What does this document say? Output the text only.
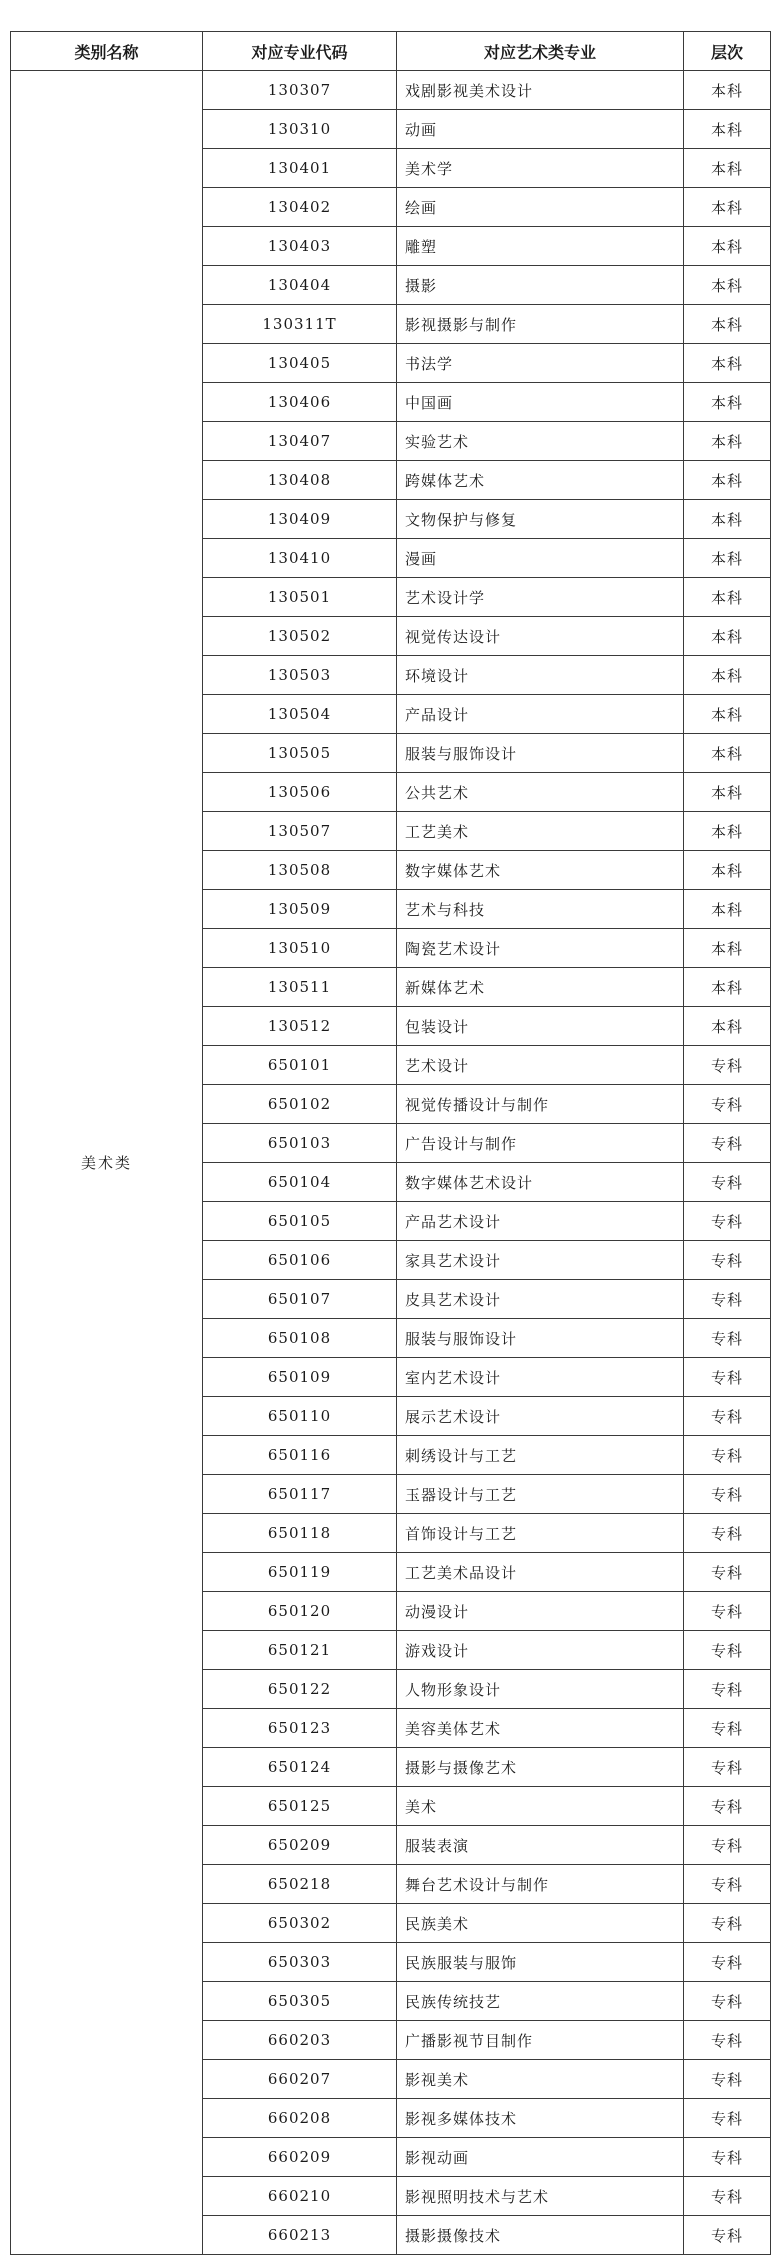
类别名称	对应专业代码	对应艺术类专业	层次
美术类	130307	戏剧影视美术设计	本科
	130310	动画	本科
	130401	美术学	本科
	130402	绘画	本科
	130403	雕塑	本科
	130404	摄影	本科
	130311T	影视摄影与制作	本科
	130405	书法学	本科
	130406	中国画	本科
	130407	实验艺术	本科
	130408	跨媒体艺术	本科
	130409	文物保护与修复	本科
	130410	漫画	本科
	130501	艺术设计学	本科
	130502	视觉传达设计	本科
	130503	环境设计	本科
	130504	产品设计	本科
	130505	服装与服饰设计	本科
	130506	公共艺术	本科
	130507	工艺美术	本科
	130508	数字媒体艺术	本科
	130509	艺术与科技	本科
	130510	陶瓷艺术设计	本科
	130511	新媒体艺术	本科
	130512	包装设计	本科
	650101	艺术设计	专科
	650102	视觉传播设计与制作	专科
	650103	广告设计与制作	专科
	650104	数字媒体艺术设计	专科
	650105	产品艺术设计	专科
	650106	家具艺术设计	专科
	650107	皮具艺术设计	专科
	650108	服装与服饰设计	专科
	650109	室内艺术设计	专科
	650110	展示艺术设计	专科
	650116	刺绣设计与工艺	专科
	650117	玉器设计与工艺	专科
	650118	首饰设计与工艺	专科
	650119	工艺美术品设计	专科
	650120	动漫设计	专科
	650121	游戏设计	专科
	650122	人物形象设计	专科
	650123	美容美体艺术	专科
	650124	摄影与摄像艺术	专科
	650125	美术	专科
	650209	服装表演	专科
	650218	舞台艺术设计与制作	专科
	650302	民族美术	专科
	650303	民族服装与服饰	专科
	650305	民族传统技艺	专科
	660203	广播影视节目制作	专科
	660207	影视美术	专科
	660208	影视多媒体技术	专科
	660209	影视动画	专科
	660210	影视照明技术与艺术	专科
	660213	摄影摄像技术	专科
